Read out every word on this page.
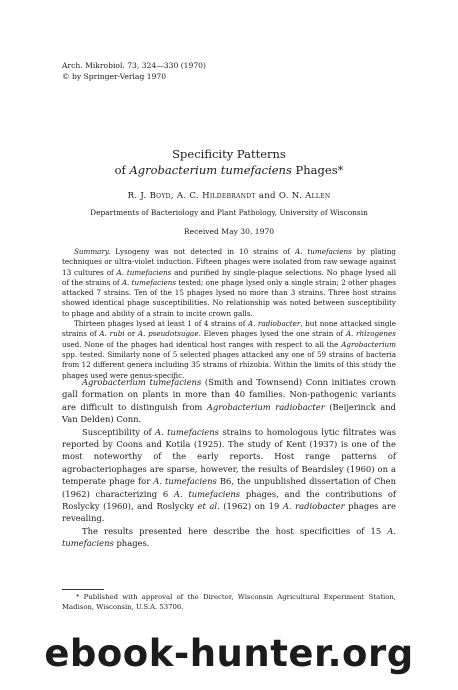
Arch. Mikrobiol. 73, 324—330 (1970)
© by Springer-Verlag 1970
Specificity Patterns
of Agrobacterium tumefaciens Phages*
R. J. Boyd, A. C. Hildebrandt and O. N. Allen
Departments of Bacteriology and Plant Pathology, University of Wisconsin
Received May 30, 1970

Summary. Lysogeny was not detected in 10 strains of A. tumefaciens by plating techniques or ultra-violet induction. Fifteen phages were isolated from raw sewage against 13 cultures of A. tumefaciens and purified by single-plaque selections. No phage lysed all of the strains of A. tumefaciens tested; one phage lysed only a single strain; 2 other phages attacked 7 strains. Ten of the 15 phages lysed no more than 3 strains. Three host strains showed identical phage susceptibilities. No relationship was noted between susceptibility to phage and ability of a strain to incite crown galls.

Thirteen phages lysed at least 1 of 4 strains of A. radiobacter, but none attacked single strains of A. rubi or A. pseudotsugae. Eleven phages lysed the one strain of A. rhizogenes used. None of the phages had identical host ranges with respect to all the Agrobacterium spp. tested. Similarly none of 5 selected phages attacked any one of 59 strains of bacteria from 12 different genera including 35 strains of rhizobia. Within the limits of this study the phages used were genus-specific.

Agrobacterium tumefaciens (Smith and Townsend) Conn initiates crown gall formation on plants in more than 40 families. Non-pathogenic variants are difficult to distinguish from Agrobacterium radiobacter (Beijerinck and Van Delden) Conn.

Susceptibility of A. tumefaciens strains to homologous lytic filtrates was reported by Coons and Kotila (1925). The study of Kent (1937) is one of the most noteworthy of the early reports. Host range patterns of agrobacteriophages are sparse, however, the results of Beardsley (1960) on a temperate phage for A. tumefaciens B6, the unpublished dissertation of Chen (1962) characterizing 6 A. tumefaciens phages, and the contributions of Roslycky (1960), and Roslycky et al. (1962) on 19 A. radiobacter phages are revealing.

The results presented here describe the host specificities of 15 A. tumefaciens phages.

* Published with approval of the Director, Wisconsin Agricultural Experiment Station, Madison, Wisconsin, U.S.A. 53706.
ebook-hunter.org
